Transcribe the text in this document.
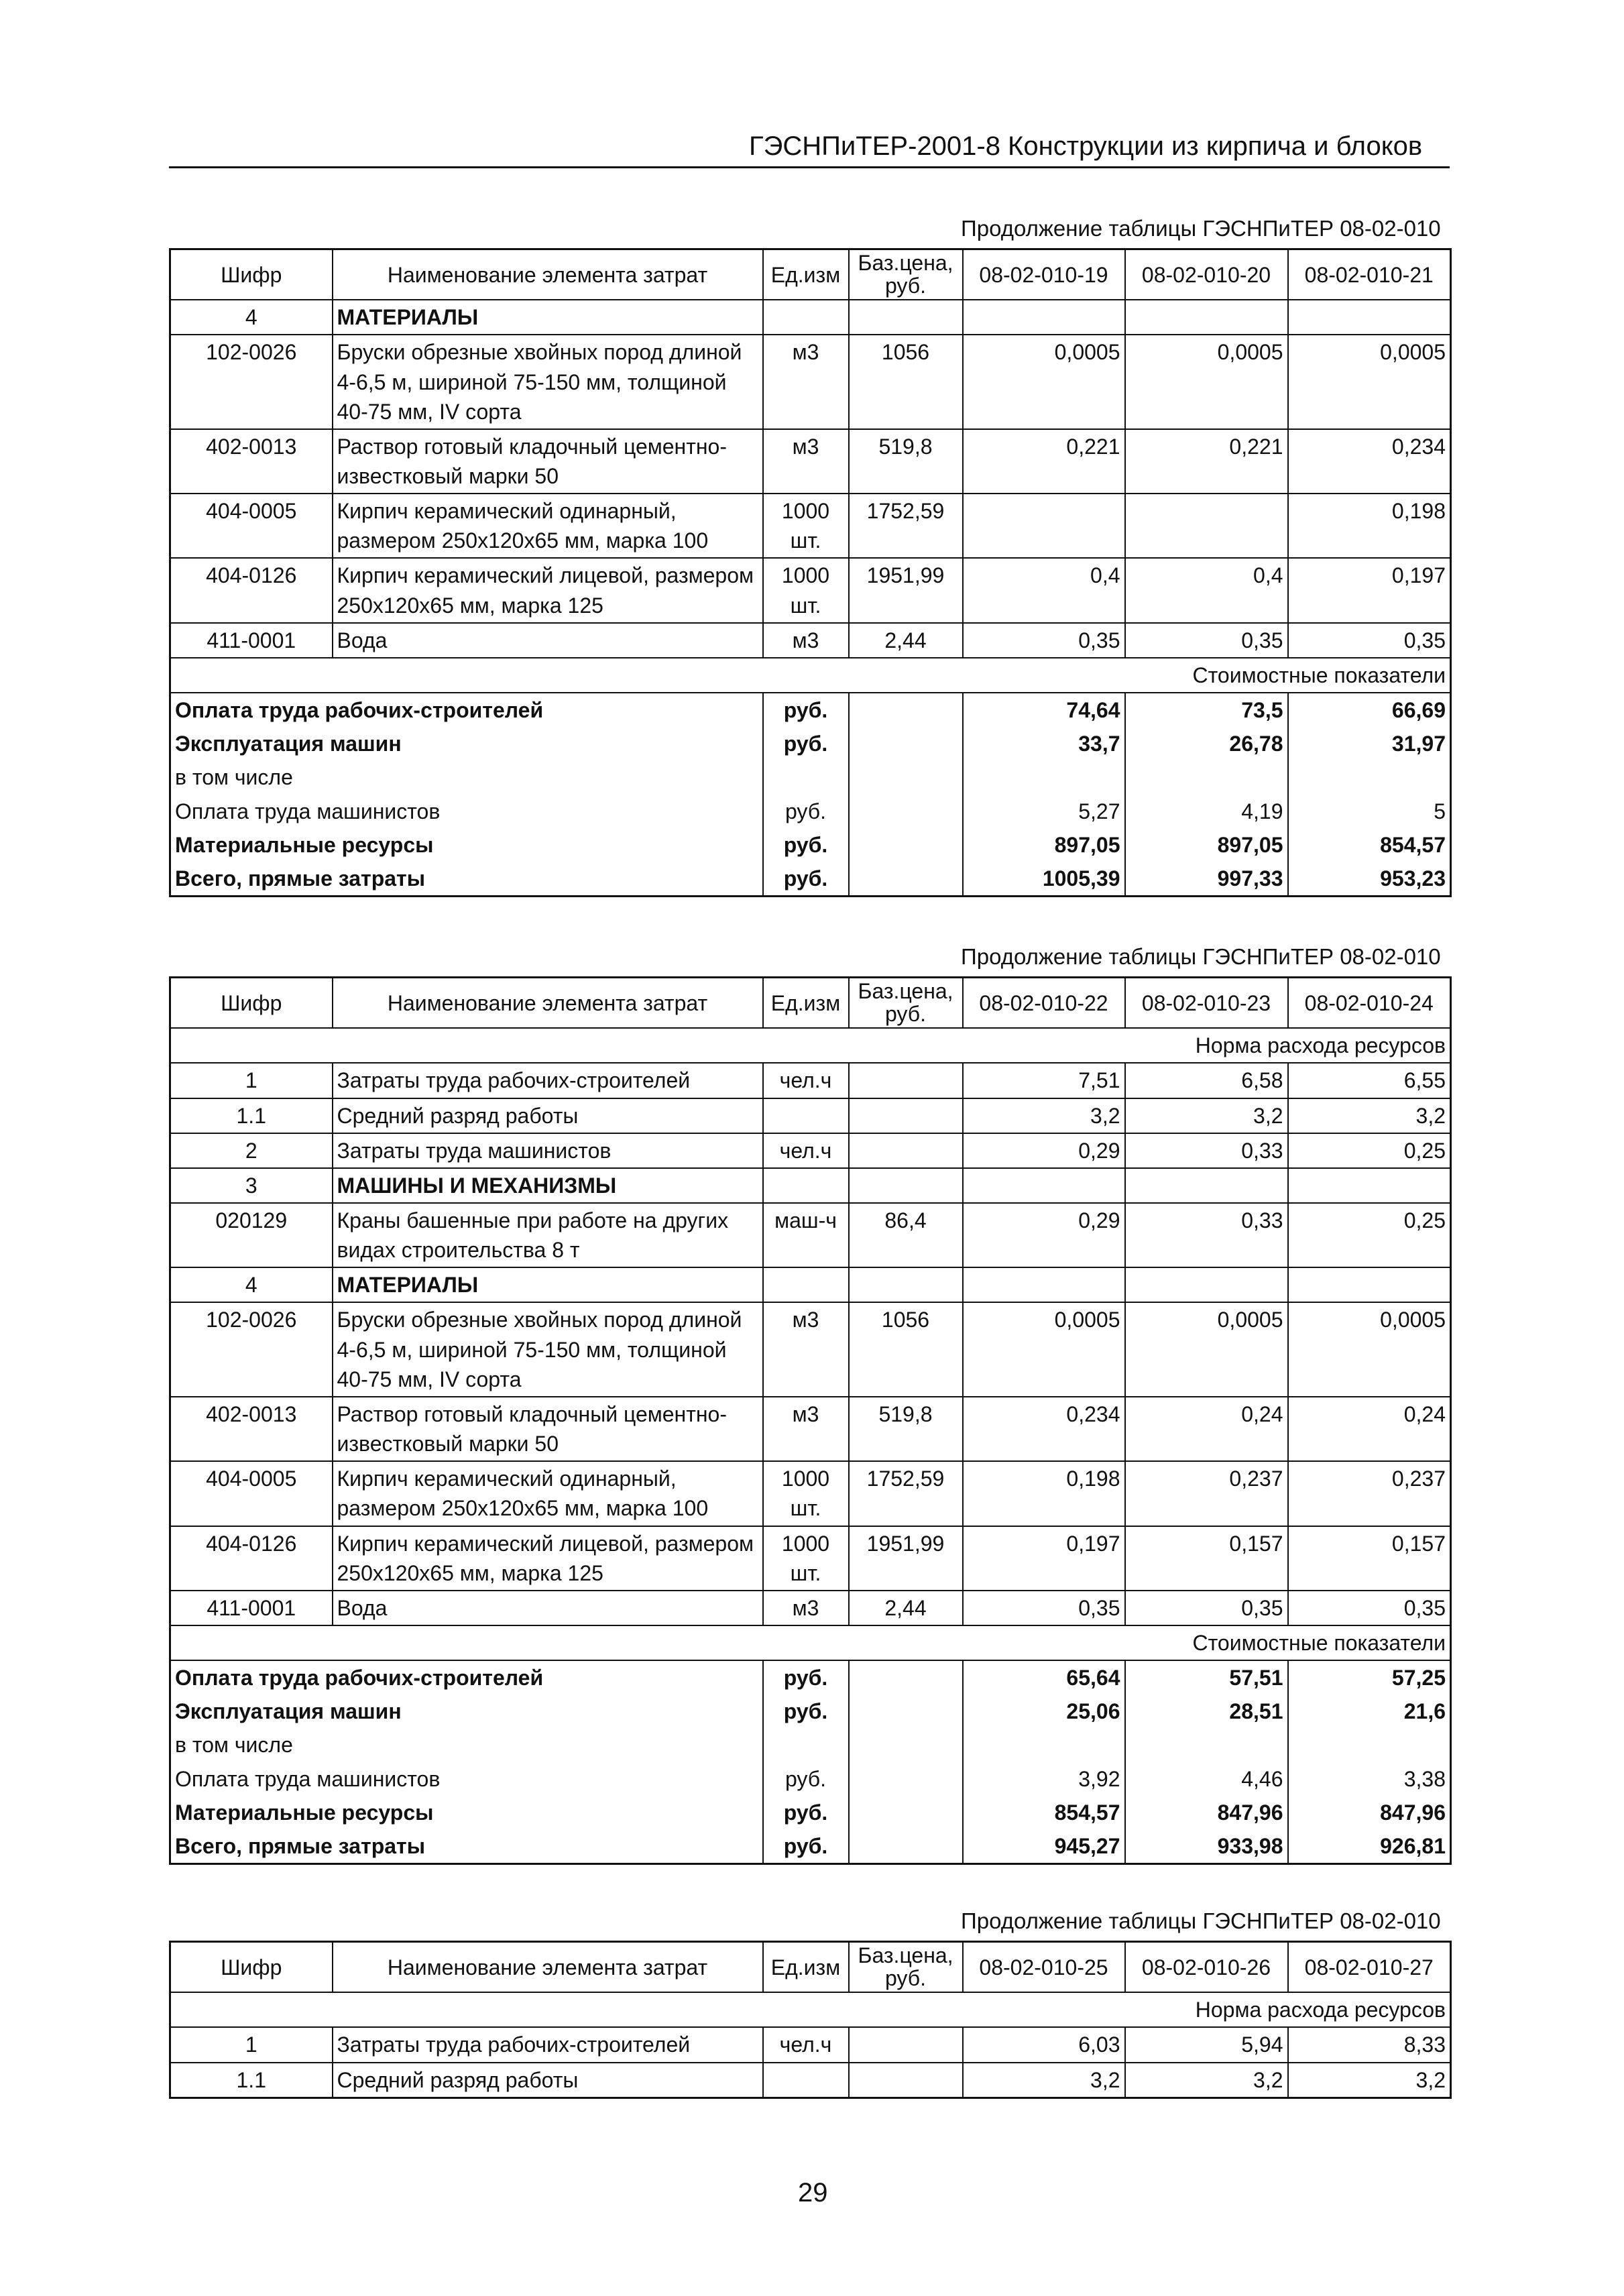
ГЭСНПиТЕР-2001-8 Конструкции из кирпича и блоков
Продолжение таблицы ГЭСНПиТЕР 08-02-010
Шифр	Наименование элемента затрат	Ед.изм	Баз.цена, руб.	08-02-010-19	08-02-010-20	08-02-010-21
4	МАТЕРИАЛЫ					
102-0026	Бруски обрезные хвойных пород длиной 4-6,5 м, шириной 75-150 мм, толщиной 40-75 мм, IV сорта	м3	1056	0,0005	0,0005	0,0005
402-0013	Раствор готовый кладочный цементно-известковый марки 50	м3	519,8	0,221	0,221	0,234
404-0005	Кирпич керамический одинарный, размером 250х120х65 мм, марка 100	1000 шт.	1752,59			0,198
404-0126	Кирпич керамический лицевой, размером 250х120х65 мм, марка 125	1000 шт.	1951,99	0,4	0,4	0,197
411-0001	Вода	м3	2,44	0,35	0,35	0,35
Стоимостные показатели						
Оплата труда рабочих-строителей		руб.		74,64	73,5	66,69
Эксплуатация машин		руб.		33,7	26,78	31,97
в том числе						
Оплата труда машинистов		руб.		5,27	4,19	5
Материальные ресурсы		руб.		897,05	897,05	854,57
Всего, прямые затраты		руб.		1005,39	997,33	953,23
Продолжение таблицы ГЭСНПиТЕР 08-02-010
Шифр	Наименование элемента затрат	Ед.изм	Баз.цена, руб.	08-02-010-22	08-02-010-23	08-02-010-24
Норма расхода ресурсов						
1	Затраты труда рабочих-строителей	чел.ч		7,51	6,58	6,55
1.1	Средний разряд работы			3,2	3,2	3,2
2	Затраты труда машинистов	чел.ч		0,29	0,33	0,25
3	МАШИНЫ И МЕХАНИЗМЫ					
020129	Краны башенные при работе на других видах строительства 8 т	маш-ч	86,4	0,29	0,33	0,25
4	МАТЕРИАЛЫ					
102-0026	Бруски обрезные хвойных пород длиной 4-6,5 м, шириной 75-150 мм, толщиной 40-75 мм, IV сорта	м3	1056	0,0005	0,0005	0,0005
402-0013	Раствор готовый кладочный цементно-известковый марки 50	м3	519,8	0,234	0,24	0,24
404-0005	Кирпич керамический одинарный, размером 250х120х65 мм, марка 100	1000 шт.	1752,59	0,198	0,237	0,237
404-0126	Кирпич керамический лицевой, размером 250х120х65 мм, марка 125	1000 шт.	1951,99	0,197	0,157	0,157
411-0001	Вода	м3	2,44	0,35	0,35	0,35
Стоимостные показатели						
Оплата труда рабочих-строителей		руб.		65,64	57,51	57,25
Эксплуатация машин		руб.		25,06	28,51	21,6
в том числе						
Оплата труда машинистов		руб.		3,92	4,46	3,38
Материальные ресурсы		руб.		854,57	847,96	847,96
Всего, прямые затраты		руб.		945,27	933,98	926,81
Продолжение таблицы ГЭСНПиТЕР 08-02-010
Шифр	Наименование элемента затрат	Ед.изм	Баз.цена, руб.	08-02-010-25	08-02-010-26	08-02-010-27
Норма расхода ресурсов						
1	Затраты труда рабочих-строителей	чел.ч		6,03	5,94	8,33
1.1	Средний разряд работы			3,2	3,2	3,2
29
